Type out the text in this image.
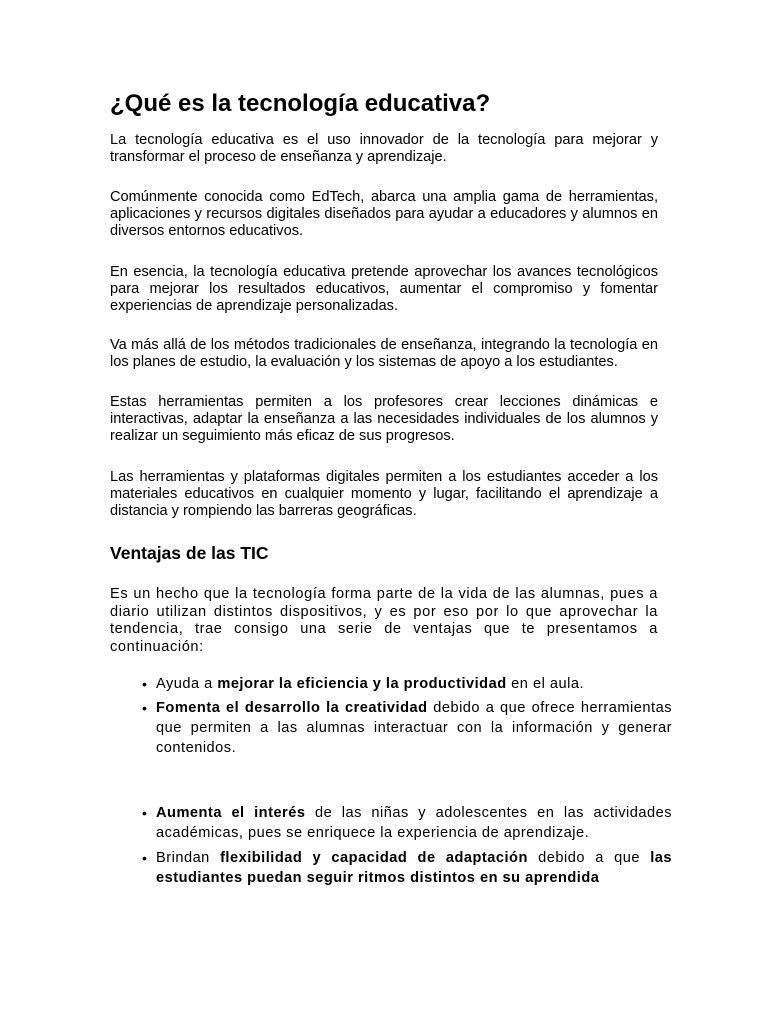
¿Qué es la tecnología educativa?

La tecnología educativa es el uso innovador de la tecnología para mejorar y transformar el proceso de enseñanza y aprendizaje.

Comúnmente conocida como EdTech, abarca una amplia gama de herramientas, aplicaciones y recursos digitales diseñados para ayudar a educadores y alumnos en diversos entornos educativos.

En esencia, la tecnología educativa pretende aprovechar los avances tecnológicos para mejorar los resultados educativos, aumentar el compromiso y fomentar experiencias de aprendizaje personalizadas.

Va más allá de los métodos tradicionales de enseñanza, integrando la tecnología en los planes de estudio, la evaluación y los sistemas de apoyo a los estudiantes.

Estas herramientas permiten a los profesores crear lecciones dinámicas e interactivas, adaptar la enseñanza a las necesidades individuales de los alumnos y realizar un seguimiento más eficaz de sus progresos.

Las herramientas y plataformas digitales permiten a los estudiantes acceder a los materiales educativos en cualquier momento y lugar, facilitando el aprendizaje a distancia y rompiendo las barreras geográficas.

Ventajas de las TIC

Es un hecho que la tecnología forma parte de la vida de las alumnas, pues a diario utilizan distintos dispositivos, y es por eso por lo que aprovechar la tendencia, trae consigo una serie de ventajas que te presentamos a continuación:

• Ayuda a mejorar la eficiencia y la productividad en el aula.

• Fomenta el desarrollo la creatividad debido a que ofrece herramientas que permiten a las alumnas interactuar con la información y generar contenidos.

• Aumenta el interés de las niñas y adolescentes en las actividades académicas, pues se enriquece la experiencia de aprendizaje.

• Brindan flexibilidad y capacidad de adaptación debido a que las estudiantes puedan seguir ritmos distintos en su aprendida
